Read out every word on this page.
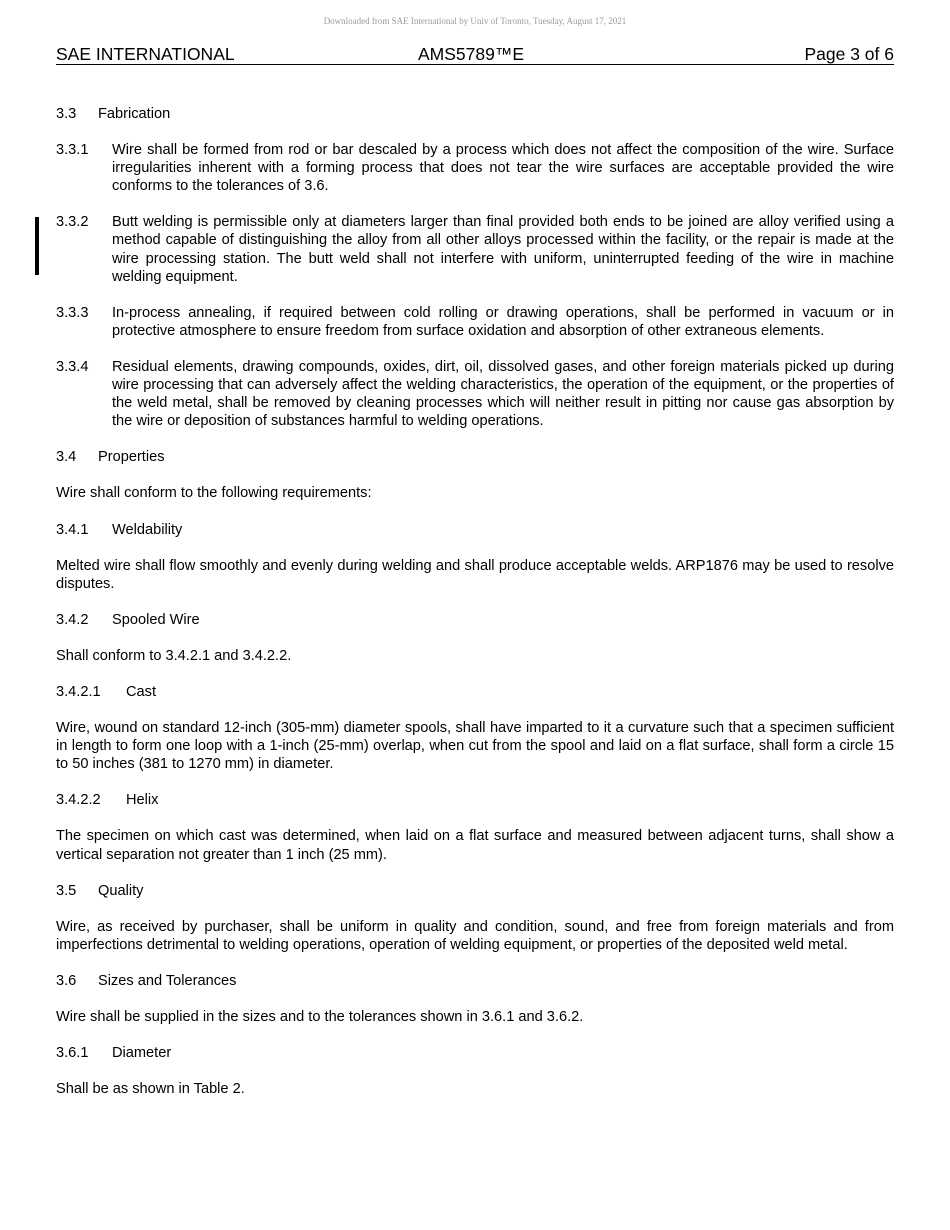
Downloaded from SAE International by Univ of Toronto, Tuesday, August 17, 2021
SAE INTERNATIONAL	AMS5789™E	Page 3 of 6
3.3	Fabrication
3.3.1	Wire shall be formed from rod or bar descaled by a process which does not affect the composition of the wire. Surface irregularities inherent with a forming process that does not tear the wire surfaces are acceptable provided the wire conforms to the tolerances of 3.6.
3.3.2	Butt welding is permissible only at diameters larger than final provided both ends to be joined are alloy verified using a method capable of distinguishing the alloy from all other alloys processed within the facility, or the repair is made at the wire processing station. The butt weld shall not interfere with uniform, uninterrupted feeding of the wire in machine welding equipment.
3.3.3	In-process annealing, if required between cold rolling or drawing operations, shall be performed in vacuum or in protective atmosphere to ensure freedom from surface oxidation and absorption of other extraneous elements.
3.3.4	Residual elements, drawing compounds, oxides, dirt, oil, dissolved gases, and other foreign materials picked up during wire processing that can adversely affect the welding characteristics, the operation of the equipment, or the properties of the weld metal, shall be removed by cleaning processes which will neither result in pitting nor cause gas absorption by the wire or deposition of substances harmful to welding operations.
3.4	Properties
Wire shall conform to the following requirements:
3.4.1	Weldability
Melted wire shall flow smoothly and evenly during welding and shall produce acceptable welds. ARP1876 may be used to resolve disputes.
3.4.2	Spooled Wire
Shall conform to 3.4.2.1 and 3.4.2.2.
3.4.2.1	Cast
Wire, wound on standard 12-inch (305-mm) diameter spools, shall have imparted to it a curvature such that a specimen sufficient in length to form one loop with a 1-inch (25-mm) overlap, when cut from the spool and laid on a flat surface, shall form a circle 15 to 50 inches (381 to 1270 mm) in diameter.
3.4.2.2	Helix
The specimen on which cast was determined, when laid on a flat surface and measured between adjacent turns, shall show a vertical separation not greater than 1 inch (25 mm).
3.5	Quality
Wire, as received by purchaser, shall be uniform in quality and condition, sound, and free from foreign materials and from imperfections detrimental to welding operations, operation of welding equipment, or properties of the deposited weld metal.
3.6	Sizes and Tolerances
Wire shall be supplied in the sizes and to the tolerances shown in 3.6.1 and 3.6.2.
3.6.1	Diameter
Shall be as shown in Table 2.
